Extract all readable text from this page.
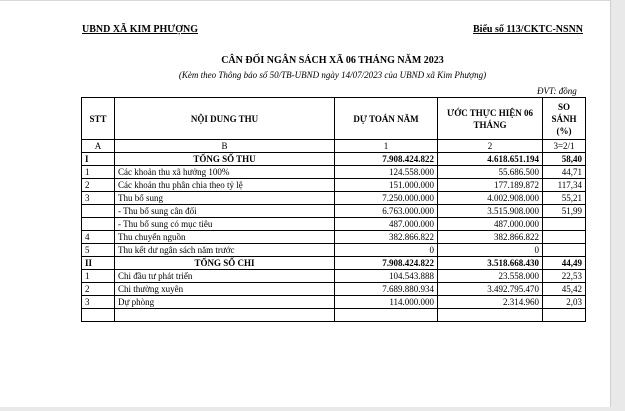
UBND XÃ KIM PHƯỢNG	Biểu số 113/CKTC-NSNN
CÂN ĐỐI NGÂN SÁCH XÃ 06 THÁNG NĂM 2023
(Kèm theo Thông báo số 50/TB-UBND ngày 14/07/2023 của UBND xã Kim Phượng)
ĐVT: đồng
STT	NỘI DUNG THU	DỰ TOÁN NĂM	ƯỚC THỰC HIỆN 06 THÁNG	SO SÁNH (%)
A	B	1	2	3=2/1
I	TỔNG SỐ THU	7.908.424.822	4.618.651.194	58,40
1	Các khoản thu xã hưởng 100%	124.558.000	55.686.500	44,71
2	Các khoản thu phân chia theo tỷ lệ	151.000.000	177.189.872	117,34
3	Thu bổ sung	7.250.000.000	4.002.908.000	55,21
	- Thu bổ sung cân đối	6.763.000.000	3.515.908.000	51,99
	- Thu bổ sung có mục tiêu	487.000.000	487.000.000	
4	Thu chuyển nguồn	382.866.822	382.866.822	
5	Thu kết dư ngân sách năm trước	0	0	
II	TỔNG SỐ CHI	7.908.424.822	3.518.668.430	44,49
1	Chi đầu tư phát triển	104.543.888	23.558.000	22,53
2	Chi thường xuyên	7.689.880.934	3.492.795.470	45,42
3	Dự phòng	114.000.000	2.314.960	2,03
